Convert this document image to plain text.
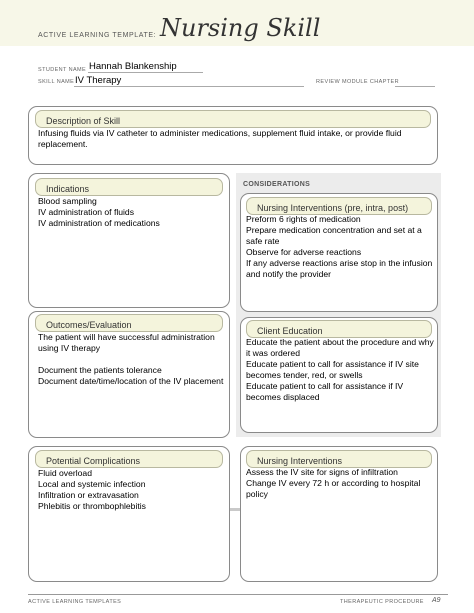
ACTIVE LEARNING TEMPLATE: Nursing Skill
STUDENT NAME Hannah Blankenship
SKILL NAME IV Therapy	REVIEW MODULE CHAPTER
Description of Skill
Infusing fluids via IV catheter to administer medications, supplement fluid intake, or provide fluid replacement.
CONSIDERATIONS
Indications
Blood sampling
IV administration of fluids
IV administration of medications
Nursing Interventions (pre, intra, post)
Preform 6 rights of medication
Prepare medication concentration and set at a safe rate
Observe for adverse reactions
If any adverse reactions arise stop in the infusion and notify the provider
Outcomes/Evaluation
The patient will have successful administration using IV therapy

Document the patients tolerance
Document date/time/location of the IV placement
Client Education
Educate the patient about the procedure and why it was ordered
Educate patient to call for assistance if IV site becomes tender, red, or swells
Educate patient to call for assistance if IV becomes displaced
Potential Complications
Fluid overload
Local and systemic infection
Infiltration or extravasation
Phlebitis or thrombophlebitis
Nursing Interventions
Assess the IV site for signs of infiltration
Change IV every 72 h or according to hospital policy
ACTIVE LEARNING TEMPLATES	THERAPEUTIC PROCEDURE A9
